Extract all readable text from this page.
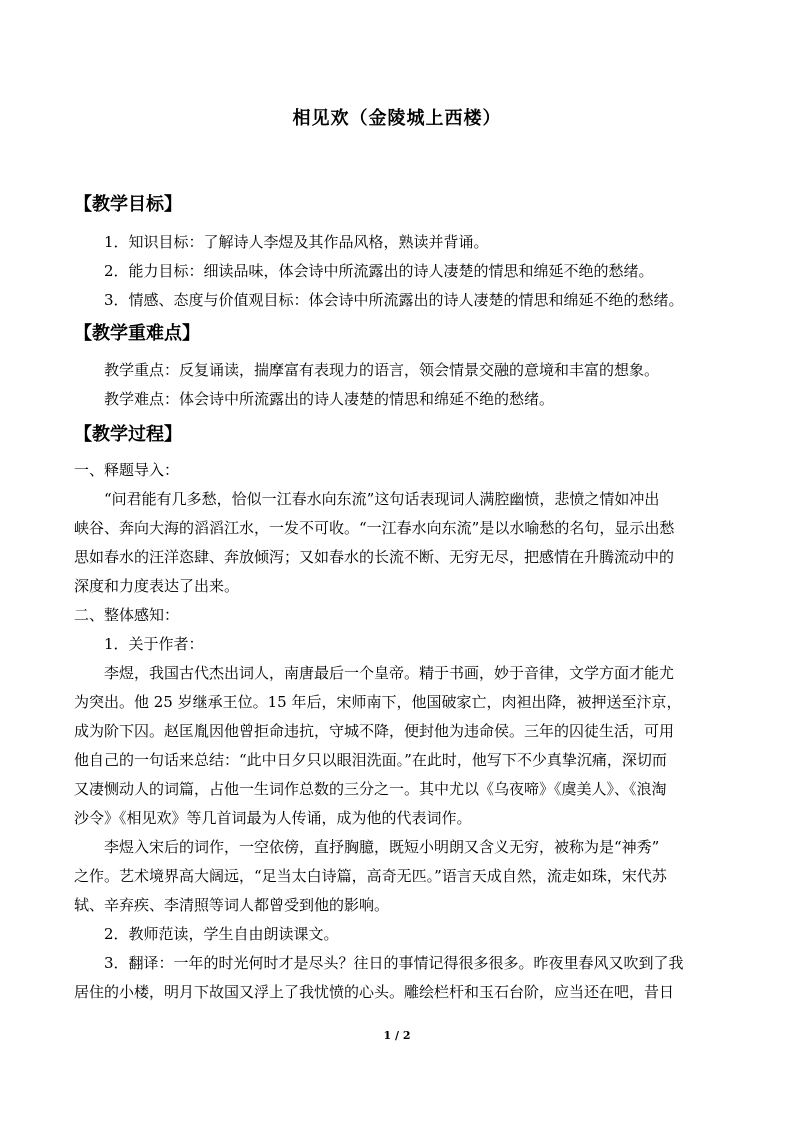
相见欢（金陵城上西楼）
【教学目标】
1．知识目标：了解诗人李煜及其作品风格，熟读并背诵。
2．能力目标：细读品味，体会诗中所流露出的诗人凄楚的情思和绵延不绝的愁绪。
3．情感、态度与价值观目标：体会诗中所流露出的诗人凄楚的情思和绵延不绝的愁绪。
【教学重难点】
教学重点：反复诵读，揣摩富有表现力的语言，领会情景交融的意境和丰富的想象。
教学难点：体会诗中所流露出的诗人凄楚的情思和绵延不绝的愁绪。
【教学过程】
一、释题导入：
“问君能有几多愁，恰似一江春水向东流”这句话表现词人满腔幽愤，悲愤之情如冲出
峡谷、奔向大海的滔滔江水，一发不可收。“一江春水向东流”是以水喻愁的名句，显示出愁
思如春水的汪洋恣肆、奔放倾泻；又如春水的长流不断、无穷无尽，把感情在升腾流动中的
深度和力度表达了出来。
二、整体感知：
1．关于作者：
李煜，我国古代杰出词人，南唐最后一个皇帝。精于书画，妙于音律，文学方面才能尤
为突出。他 25 岁继承王位。15 年后，宋师南下，他国破家亡，肉袒出降，被押送至汴京，
成为阶下囚。赵匡胤因他曾拒命违抗，守城不降，便封他为违命侯。三年的囚徒生活，可用
他自己的一句话来总结：“此中日夕只以眼泪洗面。”在此时，他写下不少真挚沉痛，深切而
又凄恻动人的词篇，占他一生词作总数的三分之一。其中尤以《乌夜啼》《虞美人》、《浪淘
沙令》《相见欢》等几首词最为人传诵，成为他的代表词作。
李煜入宋后的词作，一空依傍，直抒胸臆，既短小明朗又含义无穷，被称为是“神秀”
之作。艺术境界高大阔远，“足当太白诗篇，高奇无匹。”语言天成自然，流走如珠，宋代苏
轼、辛弃疾、李清照等词人都曾受到他的影响。
2．教师范读，学生自由朗读课文。
3．翻译：一年的时光何时才是尽头？往日的事情记得很多很多。昨夜里春风又吹到了我
居住的小楼，明月下故国又浮上了我忧愤的心头。雕绘栏杆和玉石台阶，应当还在吧，昔日
1 / 2
